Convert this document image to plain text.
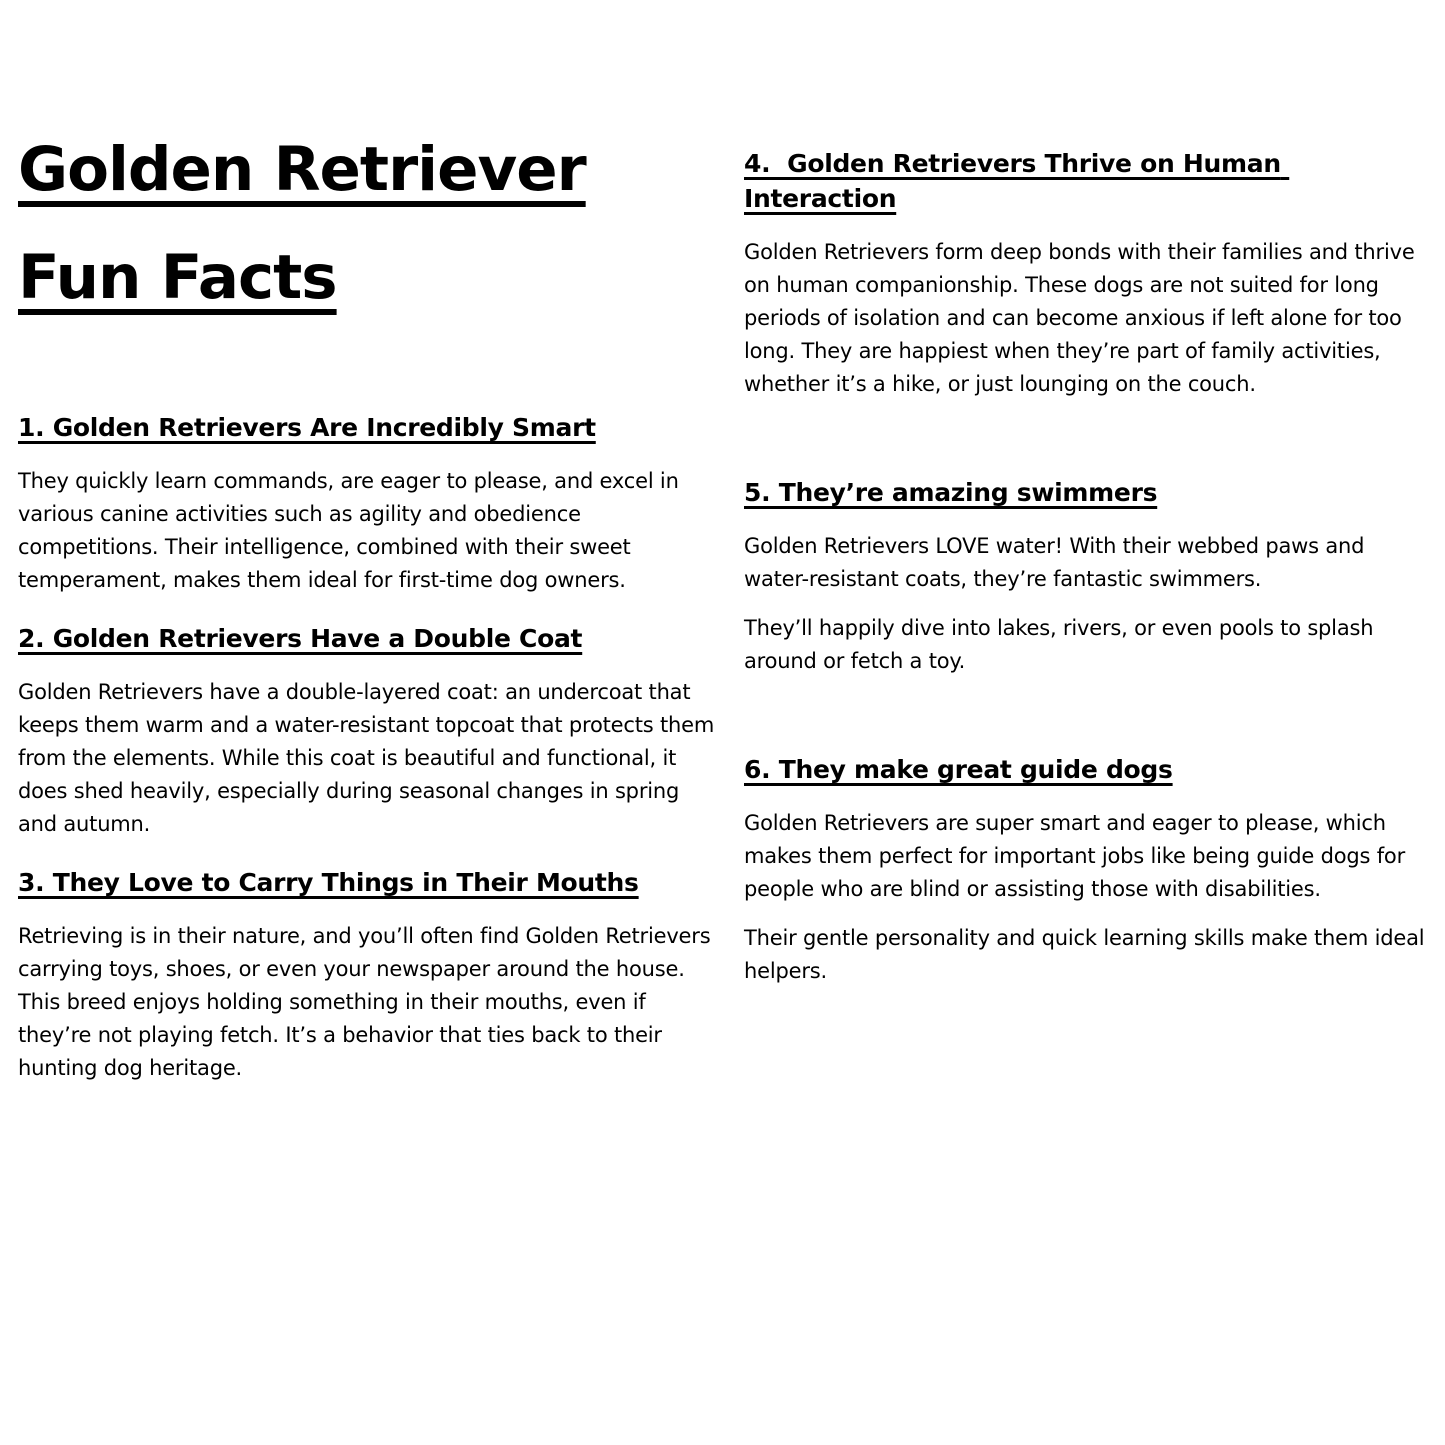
Golden Retriever
Fun Facts
1. Golden Retrievers Are Incredibly Smart

They quickly learn commands, are eager to please, and excel in various canine activities such as agility and obedience competitions. Their intelligence, combined with their sweet temperament, makes them ideal for first-time dog owners.

2. Golden Retrievers Have a Double Coat

Golden Retrievers have a double-layered coat: an undercoat that keeps them warm and a water-resistant topcoat that protects them from the elements. While this coat is beautiful and functional, it does shed heavily, especially during seasonal changes in spring and autumn.

3. They Love to Carry Things in Their Mouths

Retrieving is in their nature, and you’ll often find Golden Retrievers carrying toys, shoes, or even your newspaper around the house. This breed enjoys holding something in their mouths, even if they’re not playing fetch. It’s a behavior that ties back to their hunting dog heritage.

4.  Golden Retrievers Thrive on Human Interaction

Golden Retrievers form deep bonds with their families and thrive on human companionship. These dogs are not suited for long periods of isolation and can become anxious if left alone for too long. They are happiest when they’re part of family activities, whether it’s a hike, or just lounging on the couch.

5. They’re amazing swimmers

Golden Retrievers LOVE water! With their webbed paws and water-resistant coats, they’re fantastic swimmers.

They’ll happily dive into lakes, rivers, or even pools to splash around or fetch a toy.

6. They make great guide dogs

Golden Retrievers are super smart and eager to please, which makes them perfect for important jobs like being guide dogs for people who are blind or assisting those with disabilities.

Their gentle personality and quick learning skills make them ideal helpers.
